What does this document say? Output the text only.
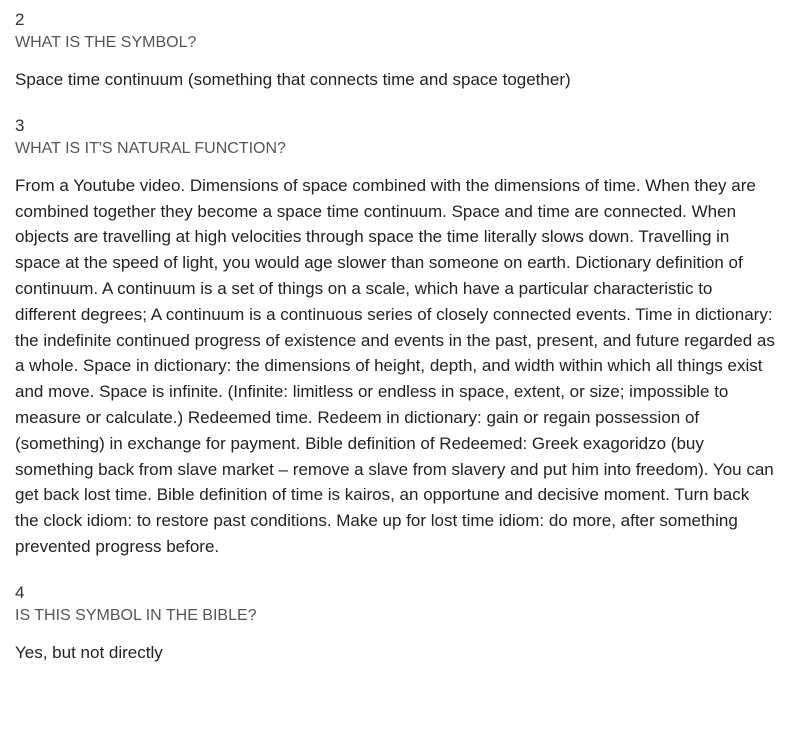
2
WHAT IS THE SYMBOL?

Space time continuum (something that connects time and space together)

3
WHAT IS IT'S NATURAL FUNCTION?

From a Youtube video. Dimensions of space combined with the dimensions of time. When they are combined together they become a space time continuum. Space and time are connected. When objects are travelling at high velocities through space the time literally slows down. Travelling in space at the speed of light, you would age slower than someone on earth. Dictionary definition of continuum. A continuum is a set of things on a scale, which have a particular characteristic to different degrees; A continuum is a continuous series of closely connected events. Time in dictionary: the indefinite continued progress of existence and events in the past, present, and future regarded as a whole. Space in dictionary: the dimensions of height, depth, and width within which all things exist and move. Space is infinite. (Infinite: limitless or endless in space, extent, or size; impossible to measure or calculate.) Redeemed time. Redeem in dictionary: gain or regain possession of (something) in exchange for payment. Bible definition of Redeemed: Greek exagoridzo (buy something back from slave market – remove a slave from slavery and put him into freedom). You can get back lost time. Bible definition of time is kairos, an opportune and decisive moment. Turn back the clock idiom: to restore past conditions. Make up for lost time idiom: do more, after something prevented progress before.

4
IS THIS SYMBOL IN THE BIBLE?

Yes, but not directly
